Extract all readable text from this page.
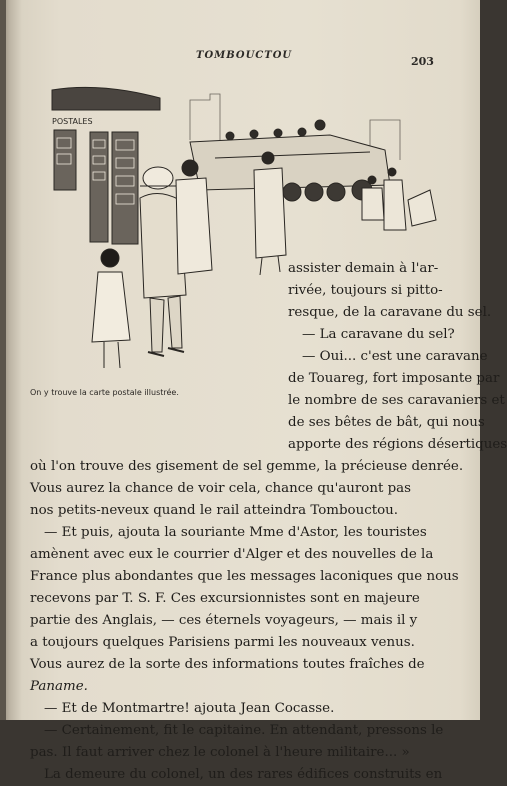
TOMBOUCTOU	203
POSTALES
On y trouve la carte postale illustrée.
assister demain à l'ar-
rivée, toujours si pitto-
resque, de la caravane du sel.
— La caravane du sel?
— Oui... c'est une caravane
de Touareg, fort imposante par
le nombre de ses caravaniers et
de ses bêtes de bât, qui nous
apporte des régions désertiques
où l'on trouve des gisement de sel gemme, la précieuse denrée.
Vous aurez la chance de voir cela, chance qu'auront pas
nos petits-neveux quand le rail atteindra Tombouctou.
— Et puis, ajouta la souriante Mme d'Astor, les touristes
amènent avec eux le courrier d'Alger et des nouvelles de la
France plus abondantes que les messages laconiques que nous
recevons par T. S. F. Ces excursionnistes sont en majeure
partie des Anglais, — ces éternels voyageurs, — mais il y
a toujours quelques Parisiens parmi les nouveaux venus.
Vous aurez de la sorte des informations toutes fraîches de
Paname.
— Et de Montmartre! ajouta Jean Cocasse.
— Certainement, fit le capitaine. En attendant, pressons le
pas. Il faut arriver chez le colonel à l'heure militaire... »
La demeure du colonel, un des rares édifices construits en
